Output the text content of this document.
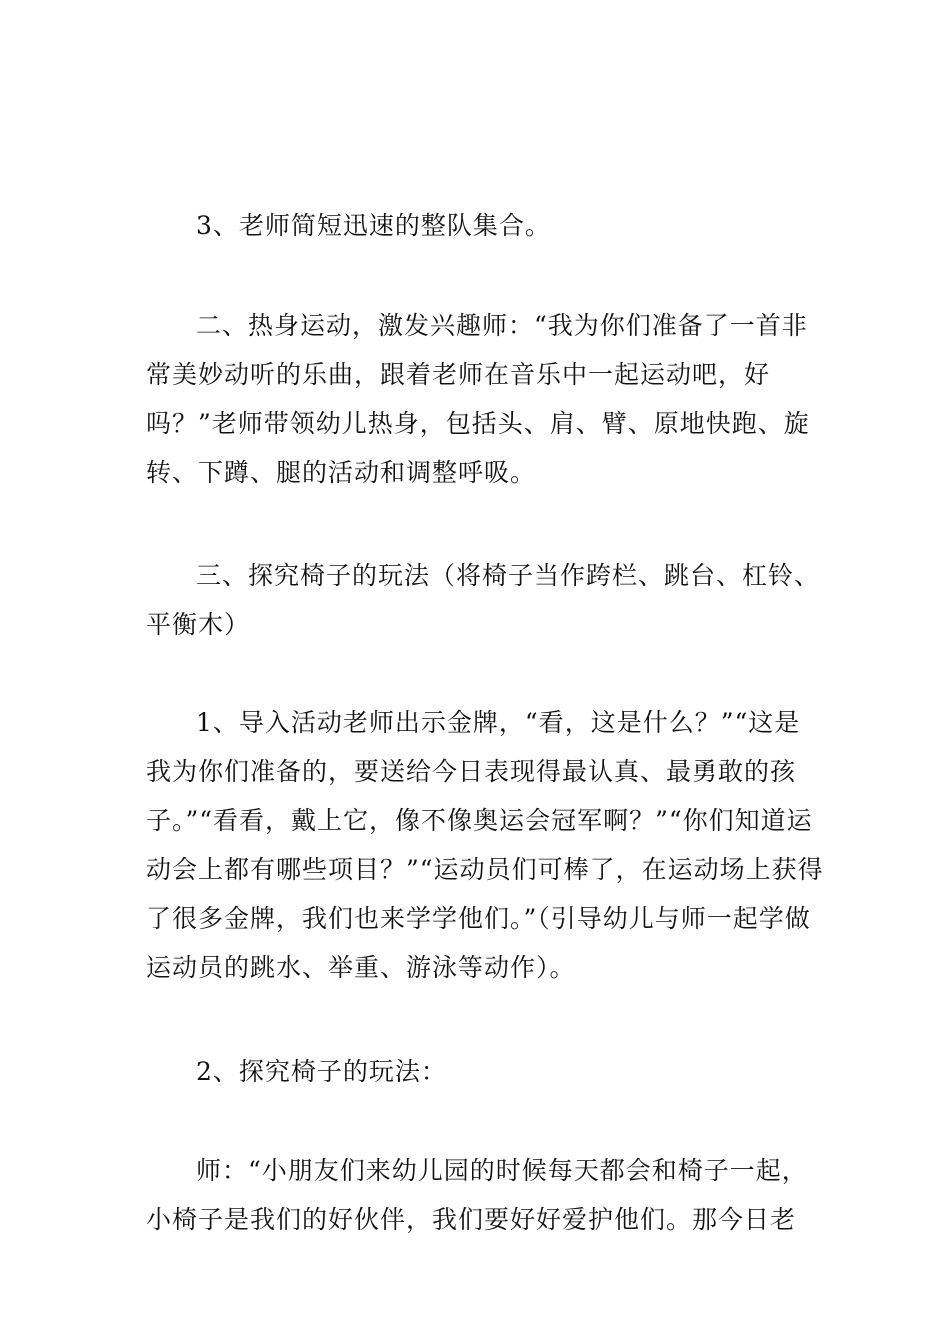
3、老师简短迅速的整队集合。

二、热身运动，激发兴趣师：“我为你们准备了一首非常美妙动听的乐曲，跟着老师在音乐中一起运动吧，好吗？”老师带领幼儿热身，包括头、肩、臂、原地快跑、旋转、下蹲、腿的活动和调整呼吸。

三、探究椅子的玩法（将椅子当作跨栏、跳台、杠铃、平衡木）

1、导入活动老师出示金牌，“看，这是什么？”“这是我为你们准备的，要送给今日表现得最认真、最勇敢的孩子。”“看看，戴上它，像不像奥运会冠军啊？”“你们知道运动会上都有哪些项目？”“运动员们可棒了，在运动场上获得了很多金牌，我们也来学学他们。”（引导幼儿与师一起学做运动员的跳水、举重、游泳等动作）。

2、探究椅子的玩法：

师：“小朋友们来幼儿园的时候每天都会和椅子一起，小椅子是我们的好伙伴，我们要好好爱护他们。那今日老
